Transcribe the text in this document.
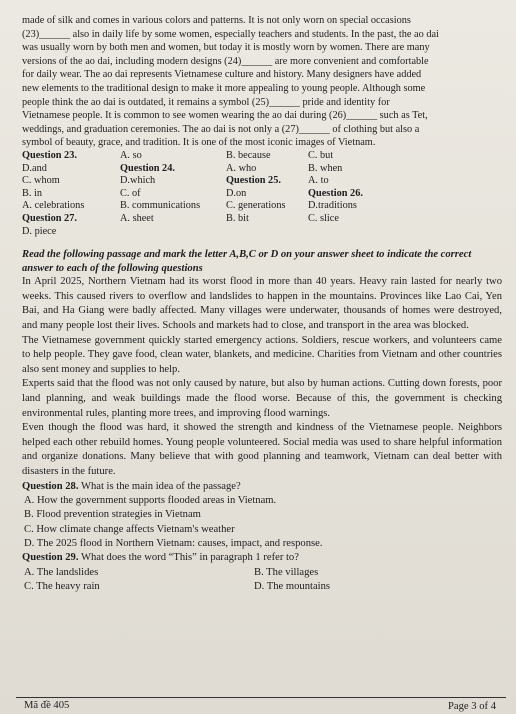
made of silk and comes in various colors and patterns. It is not only worn on special occasions

(23)______ also in daily life by some women, especially teachers and students. In the past, the ao dai

was usually worn by both men and women, but today it is mostly worn by women. There are many

versions of the ao dai, including modern designs (24)______ are more convenient and comfortable

for daily wear. The ao dai represents Vietnamese culture and history. Many designers have added

new elements to the traditional design to make it more appealing to young people. Although some

people think the ao dai is outdated, it remains a symbol (25)______ pride and identity for

Vietnamese people. It is common to see women wearing the ao dai during (26)______ such as Tet,

weddings, and graduation ceremonies. The ao dai is not only a (27)______ of clothing but also a

symbol of beauty, grace, and tradition. It is one of the most iconic images of Vietnam.

Question 23.	A. so	B. because	C. but
D.and	Question 24.	A. who	B. when
C. whom	D.which	Question 25.	A. to
B. in	C. of	D.on	Question 26.
A. celebrations	B. communications	C. generations	D.traditions
Question 27.	A. sheet	B. bit	C. slice
D. piece

Read the following passage and mark the letter A,B,C or D on your answer sheet to indicate the correct answer to each of the following questions

In April 2025, Northern Vietnam had its worst flood in more than 40 years. Heavy rain lasted for nearly two weeks. This caused rivers to overflow and landslides to happen in the mountains. Provinces like Lao Cai, Yen Bai, and Ha Giang were badly affected. Many villages were underwater, thousands of homes were destroyed, and many people lost their lives. Schools and markets had to close, and transport in the area was blocked.

The Vietnamese government quickly started emergency actions. Soldiers, rescue workers, and volunteers came to help people. They gave food, clean water, blankets, and medicine. Charities from Vietnam and other countries also sent money and supplies to help.

Experts said that the flood was not only caused by nature, but also by human actions. Cutting down forests, poor land planning, and weak buildings made the flood worse. Because of this, the government is checking environmental rules, planting more trees, and improving flood warnings.

Even though the flood was hard, it showed the strength and kindness of the Vietnamese people. Neighbors helped each other rebuild homes. Young people volunteered. Social media was used to share helpful information and organize donations. Many believe that with good planning and teamwork, Vietnam can deal better with disasters in the future.

Question 28. What is the main idea of the passage?

A. How the government supports flooded areas in Vietnam.
B. Flood prevention strategies in Vietnam
C. How climate change affects Vietnam's weather
D. The 2025 flood in Northern Vietnam: causes, impact, and response.

Question 29. What does the word “This” in paragraph 1 refer to?

A. The landslides	B. The villages
C. The heavy rain	D. The mountains
Mã đề 405	Page 3 of 4
